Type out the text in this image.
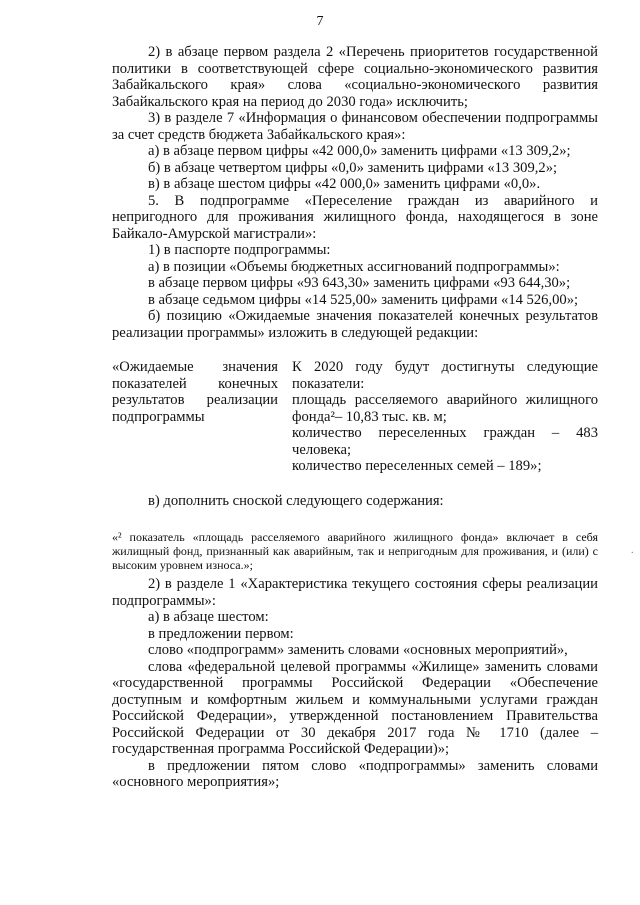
7

2) в абзаце первом раздела 2 «Перечень приоритетов государственной политики в соответствующей сфере социально-экономического развития Забайкальского края» слова «социально-экономического развития Забайкальского края на период до 2030 года» исключить;

3) в разделе 7 «Информация о финансовом обеспечении подпрограммы за счет средств бюджета Забайкальского края»:

а) в абзаце первом цифры «42 000,0» заменить цифрами «13 309,2»;

б) в абзаце четвертом цифры «0,0» заменить цифрами «13 309,2»;

в) в абзаце шестом цифры «42 000,0» заменить цифрами «0,0».

5. В подпрограмме «Переселение граждан из аварийного и непригодного для проживания жилищного фонда, находящегося в зоне Байкало-Амурской магистрали»:

1) в паспорте подпрограммы:

а) в позиции «Объемы бюджетных ассигнований подпрограммы»:

в абзаце первом цифры «93 643,30» заменить цифрами «93 644,30»;

в абзаце седьмом цифры «14 525,00» заменить цифрами «14 526,00»;

б) позицию «Ожидаемые значения показателей конечных результатов реализации программы» изложить в следующей редакции:

«Ожидаемые значения показателей конечных результатов реализации подпрограммы

К 2020 году будут достигнуты следующие показатели:

площадь расселяемого аварийного жилищного фонда²– 10,83 тыс. кв. м;

количество переселенных граждан – 483 человека;

количество переселенных семей – 189»;

в) дополнить сноской следующего содержания:

«² показатель «площадь расселяемого аварийного жилищного фонда» включает в себя жилищный фонд, признанный как аварийным, так и непригодным для проживания, и (или) с высоким уровнем износа.»;

2) в разделе 1 «Характеристика текущего состояния сферы реализации подпрограммы»:

а) в абзаце шестом:

в предложении первом:

слово «подпрограмм» заменить словами «основных мероприятий»,

слова «федеральной целевой программы «Жилище» заменить словами «государственной программы Российской Федерации «Обеспечение доступным и комфортным жильем и коммунальными услугами граждан Российской Федерации», утвержденной постановлением Правительства Российской Федерации от 30 декабря 2017 года № 1710 (далее – государственная программа Российской Федерации)»;

в предложении пятом слово «подпрограммы» заменить словами «основного мероприятия»;

.
